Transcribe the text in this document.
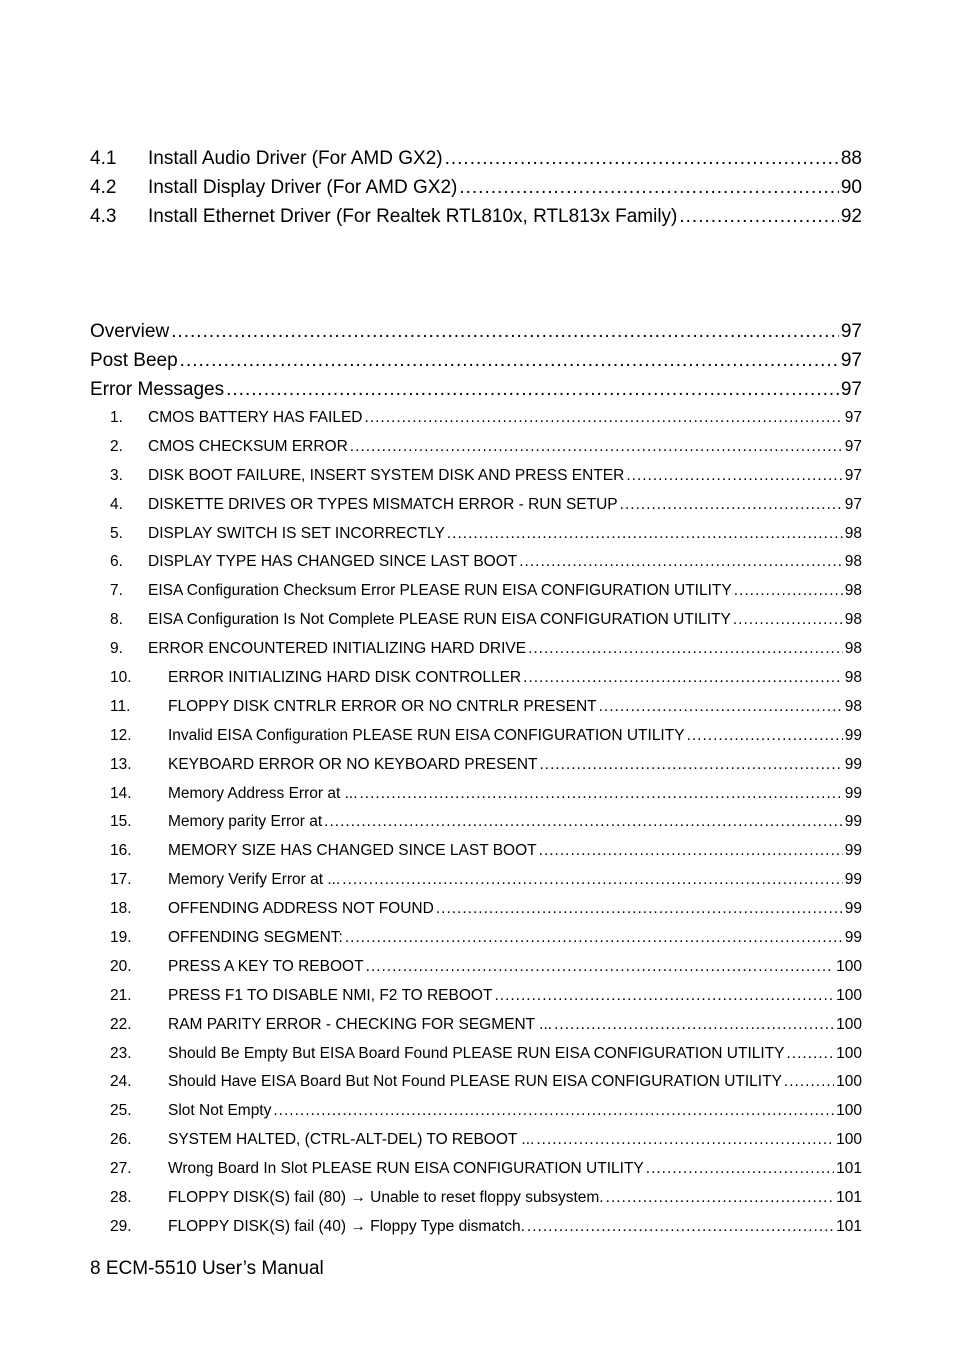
4.1	Install Audio Driver (For AMD GX2) .....	88
4.2	Install Display Driver (For AMD GX2) .....	90
4.3	Install Ethernet Driver (For Realtek RTL810x, RTL813x Family) .....	92
Overview .....	97
Post Beep .....	97
Error Messages .....	97
1.	CMOS BATTERY HAS FAILED .....	97
2.	CMOS CHECKSUM ERROR .....	97
3.	DISK BOOT FAILURE, INSERT SYSTEM DISK AND PRESS ENTER .....	97
4.	DISKETTE DRIVES OR TYPES MISMATCH ERROR - RUN SETUP .....	97
5.	DISPLAY SWITCH IS SET INCORRECTLY .....	98
6.	DISPLAY TYPE HAS CHANGED SINCE LAST BOOT .....	98
7.	EISA Configuration Checksum Error PLEASE RUN EISA CONFIGURATION UTILITY .....	98
8.	EISA Configuration Is Not Complete PLEASE RUN EISA CONFIGURATION UTILITY .....	98
9.	ERROR ENCOUNTERED INITIALIZING HARD DRIVE .....	98
10.	ERROR INITIALIZING HARD DISK CONTROLLER .....	98
11.	FLOPPY DISK CNTRLR ERROR OR NO CNTRLR PRESENT .....	98
12.	Invalid EISA Configuration PLEASE RUN EISA CONFIGURATION UTILITY .....	99
13.	KEYBOARD ERROR OR NO KEYBOARD PRESENT .....	99
14.	Memory Address Error at ... .....	99
15.	Memory parity Error at .....	99
16.	MEMORY SIZE HAS CHANGED SINCE LAST BOOT .....	99
17.	Memory Verify Error at ... .....	99
18.	OFFENDING ADDRESS NOT FOUND .....	99
19.	OFFENDING SEGMENT: .....	99
20.	PRESS A KEY TO REBOOT .....	100
21.	PRESS F1 TO DISABLE NMI, F2 TO REBOOT .....	100
22.	RAM PARITY ERROR - CHECKING FOR SEGMENT ... .....	100
23.	Should Be Empty But EISA Board Found PLEASE RUN EISA CONFIGURATION UTILITY .....	100
24.	Should Have EISA Board But Not Found PLEASE RUN EISA CONFIGURATION UTILITY .....	100
25.	Slot Not Empty .....	100
26.	SYSTEM HALTED, (CTRL-ALT-DEL) TO REBOOT ... .....	100
27.	Wrong Board In Slot PLEASE RUN EISA CONFIGURATION UTILITY .....	101
28.	FLOPPY DISK(S) fail (80) → Unable to reset floppy subsystem. .....	101
29.	FLOPPY DISK(S) fail (40) → Floppy Type dismatch. .....	101
8 ECM-5510 User’s Manual
